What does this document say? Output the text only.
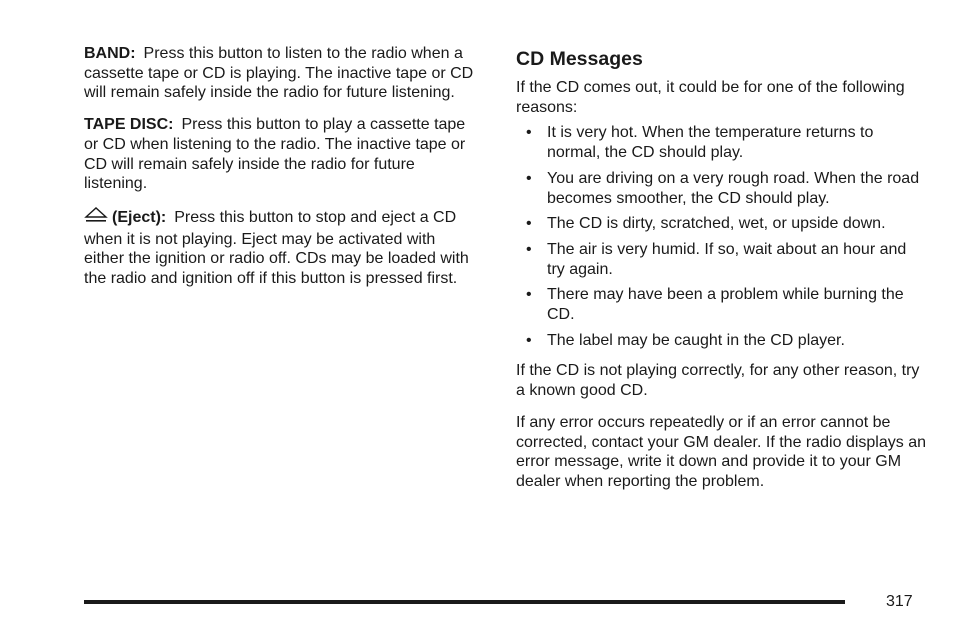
BAND: Press this button to listen to the radio when a cassette tape or CD is playing. The inactive tape or CD will remain safely inside the radio for future listening.

TAPE DISC: Press this button to play a cassette tape or CD when listening to the radio. The inactive tape or CD will remain safely inside the radio for future listening.

(Eject): Press this button to stop and eject a CD when it is not playing. Eject may be activated with either the ignition or radio off. CDs may be loaded with the radio and ignition off if this button is pressed first.

CD Messages

If the CD comes out, it could be for one of the following reasons:

• It is very hot. When the temperature returns to normal, the CD should play.
• You are driving on a very rough road. When the road becomes smoother, the CD should play.
• The CD is dirty, scratched, wet, or upside down.
• The air is very humid. If so, wait about an hour and try again.
• There may have been a problem while burning the CD.
• The label may be caught in the CD player.

If the CD is not playing correctly, for any other reason, try a known good CD.

If any error occurs repeatedly or if an error cannot be corrected, contact your GM dealer. If the radio displays an error message, write it down and provide it to your GM dealer when reporting the problem.

317
